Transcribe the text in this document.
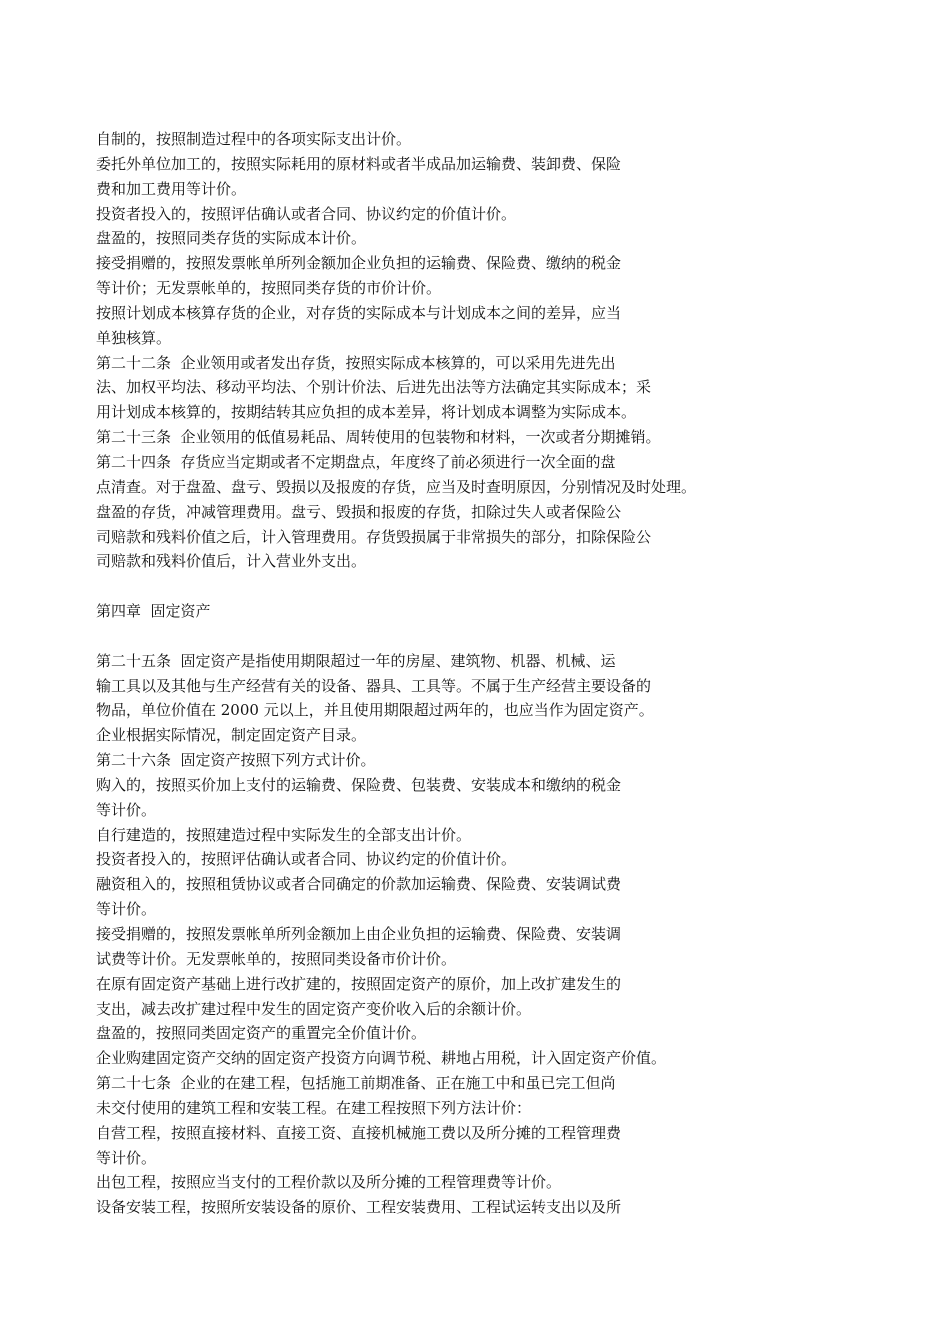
自制的，按照制造过程中的各项实际支出计价。
委托外单位加工的，按照实际耗用的原材料或者半成品加运输费、装卸费、保险
费和加工费用等计价。
投资者投入的，按照评估确认或者合同、协议约定的价值计价。
盘盈的，按照同类存货的实际成本计价。
接受捐赠的，按照发票帐单所列金额加企业负担的运输费、保险费、缴纳的税金
等计价；无发票帐单的，按照同类存货的市价计价。
按照计划成本核算存货的企业，对存货的实际成本与计划成本之间的差异，应当
单独核算。
第二十二条  企业领用或者发出存货，按照实际成本核算的，可以采用先进先出
法、加权平均法、移动平均法、个别计价法、后进先出法等方法确定其实际成本；采
用计划成本核算的，按期结转其应负担的成本差异，将计划成本调整为实际成本。
第二十三条  企业领用的低值易耗品、周转使用的包装物和材料，一次或者分期摊销。
第二十四条  存货应当定期或者不定期盘点，年度终了前必须进行一次全面的盘
点清查。对于盘盈、盘亏、毁损以及报废的存货，应当及时查明原因，分别情况及时处理。
盘盈的存货，冲减管理费用。盘亏、毁损和报废的存货，扣除过失人或者保险公
司赔款和残料价值之后，计入管理费用。存货毁损属于非常损失的部分，扣除保险公
司赔款和残料价值后，计入营业外支出。
第四章  固定资产
第二十五条  固定资产是指使用期限超过一年的房屋、建筑物、机器、机械、运
输工具以及其他与生产经营有关的设备、器具、工具等。不属于生产经营主要设备的
物品，单位价值在 2000 元以上，并且使用期限超过两年的，也应当作为固定资产。
企业根据实际情况，制定固定资产目录。
第二十六条  固定资产按照下列方式计价。
购入的，按照买价加上支付的运输费、保险费、包装费、安装成本和缴纳的税金
等计价。
自行建造的，按照建造过程中实际发生的全部支出计价。
投资者投入的，按照评估确认或者合同、协议约定的价值计价。
融资租入的，按照租赁协议或者合同确定的价款加运输费、保险费、安装调试费
等计价。
接受捐赠的，按照发票帐单所列金额加上由企业负担的运输费、保险费、安装调
试费等计价。无发票帐单的，按照同类设备市价计价。
在原有固定资产基础上进行改扩建的，按照固定资产的原价，加上改扩建发生的
支出，减去改扩建过程中发生的固定资产变价收入后的余额计价。
盘盈的，按照同类固定资产的重置完全价值计价。
企业购建固定资产交纳的固定资产投资方向调节税、耕地占用税，计入固定资产价值。
第二十七条  企业的在建工程，包括施工前期准备、正在施工中和虽已完工但尚
未交付使用的建筑工程和安装工程。在建工程按照下列方法计价：
自营工程，按照直接材料、直接工资、直接机械施工费以及所分摊的工程管理费
等计价。
出包工程，按照应当支付的工程价款以及所分摊的工程管理费等计价。
设备安装工程，按照所安装设备的原价、工程安装费用、工程试运转支出以及所
